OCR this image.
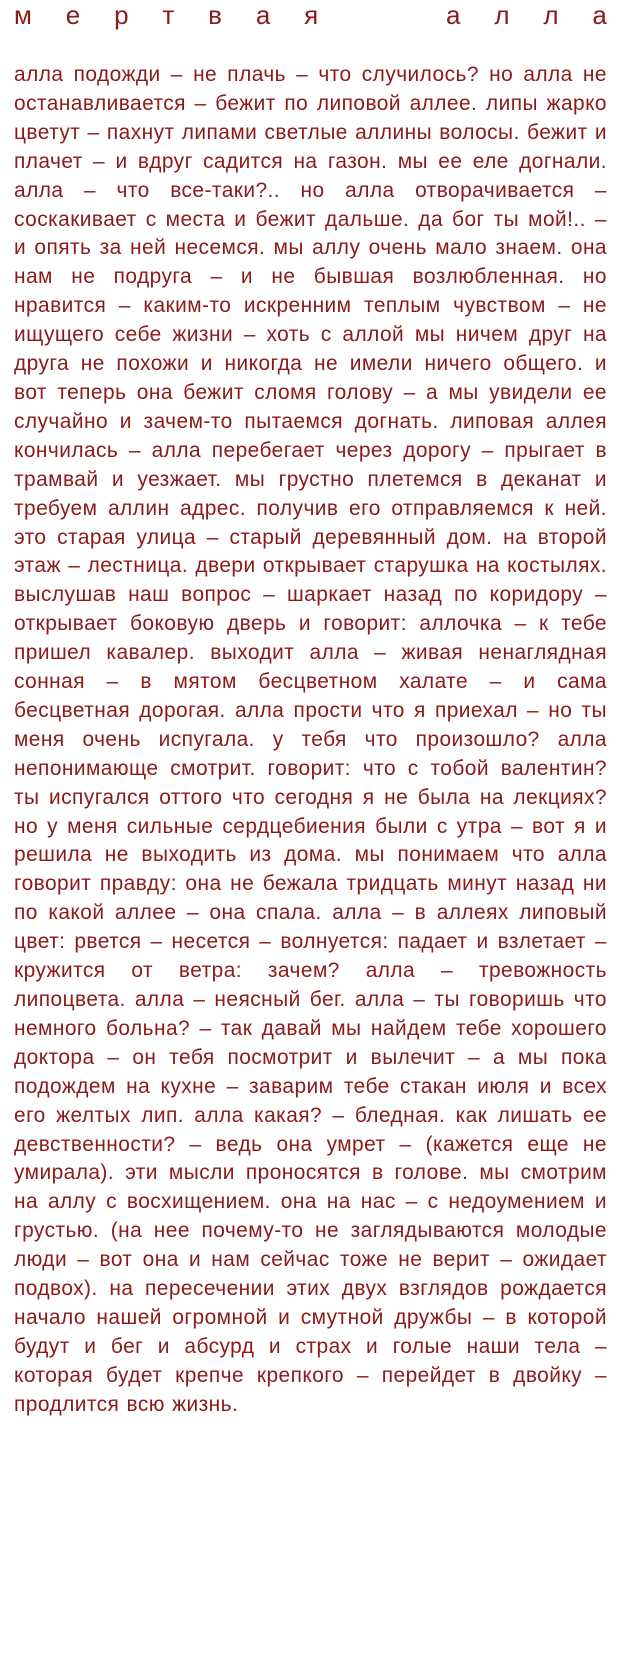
м е р т в а я	а л л а

алла подожди – не плачь – что случилось? но алла не останавливается – бежит по липовой аллее. липы жарко цветут – пахнут липами светлые аллины волосы. бежит и плачет – и вдруг садится на газон. мы ее еле догнали. алла – что все-таки?.. но алла отворачивается – соскакивает с места и бежит дальше. да бог ты мой!.. – и опять за ней несемся. мы аллу очень мало знаем. она нам не подруга – и не бывшая возлюбленная. но нравится – каким-то искренним теплым чувством – не ищущего себе жизни – хоть с аллой мы ничем друг на друга не похожи и никогда не имели ничего общего. и вот теперь она бежит сломя голову – а мы увидели ее случайно и зачем-то пытаемся догнать. липовая аллея кончилась – алла перебегает через дорогу – прыгает в трамвай и уезжает. мы грустно плетемся в деканат и требуем аллин адрес. получив его отправляемся к ней. это старая улица – старый деревянный дом. на второй этаж – лестница. двери открывает старушка на костылях. выслушав наш вопрос – шаркает назад по коридору – открывает боковую дверь и говорит: аллочка – к тебе пришел кавалер. выходит алла – живая ненаглядная сонная – в мятом бесцветном халате – и сама бесцветная дорогая. алла прости что я приехал – но ты меня очень испугала. у тебя что произошло? алла непонимающе смотрит. говорит: что с тобой валентин? ты испугался оттого что сегодня я не была на лекциях? но у меня сильные сердцебиения были с утра – вот я и решила не выходить из дома. мы понимаем что алла говорит правду: она не бежала тридцать минут назад ни по какой аллее – она спала. алла – в аллеях липовый цвет: рвется – несется – волнуется: падает и взлетает – кружится от ветра: зачем? алла – тревожность липоцвета. алла – неясный бег. алла – ты говоришь что немного больна? – так давай мы найдем тебе хорошего доктора – он тебя посмотрит и вылечит – а мы пока подождем на кухне – заварим тебе стакан июля и всех его желтых лип. алла какая? – бледная. как лишать ее девственности? – ведь она умрет – (кажется еще не умирала). эти мысли проносятся в голове. мы смотрим на аллу с восхищением. она на нас – с недоумением и грустью. (на нее почему-то не заглядываются молодые люди – вот она и нам сейчас тоже не верит – ожидает подвох). на пересечении этих двух взглядов рождается начало нашей огромной и смутной дружбы – в которой будут и бег и абсурд и страх и голые наши тела – которая будет крепче крепкого – перейдет в двойку – продлится всю жизнь.
